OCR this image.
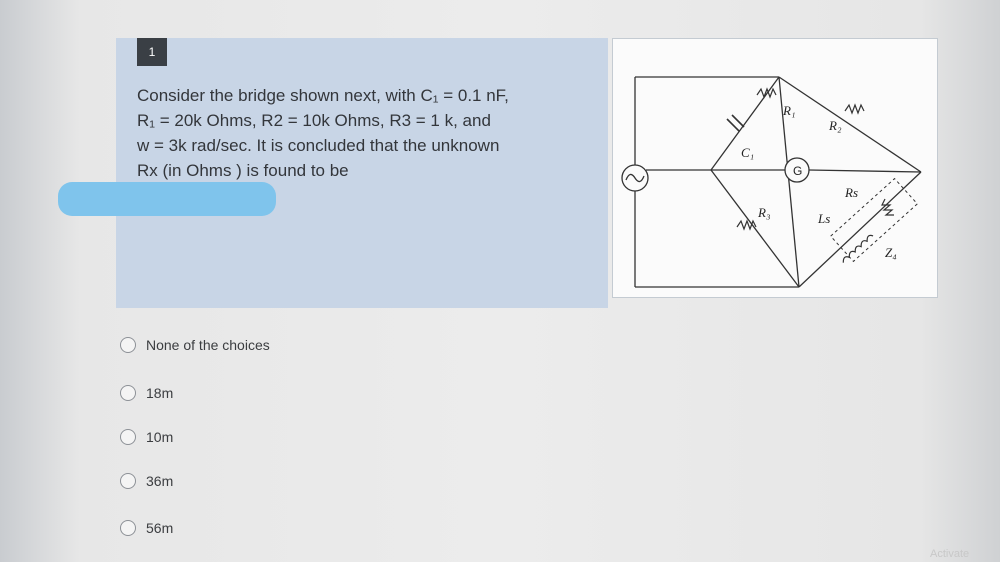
1
Consider the bridge shown next, with C₁ = 0.1 nF,
R₁ = 20k Ohms, R2 = 10k Ohms, R3 = 1 k, and
w = 3k rad/sec. It is concluded that the unknown
Rx (in Ohms ) is found to be
R₁
R₂
C₁
R₃
Rs
Ls
Z₄
G
None of the choices
18m
10m
36m
56m
Activate
